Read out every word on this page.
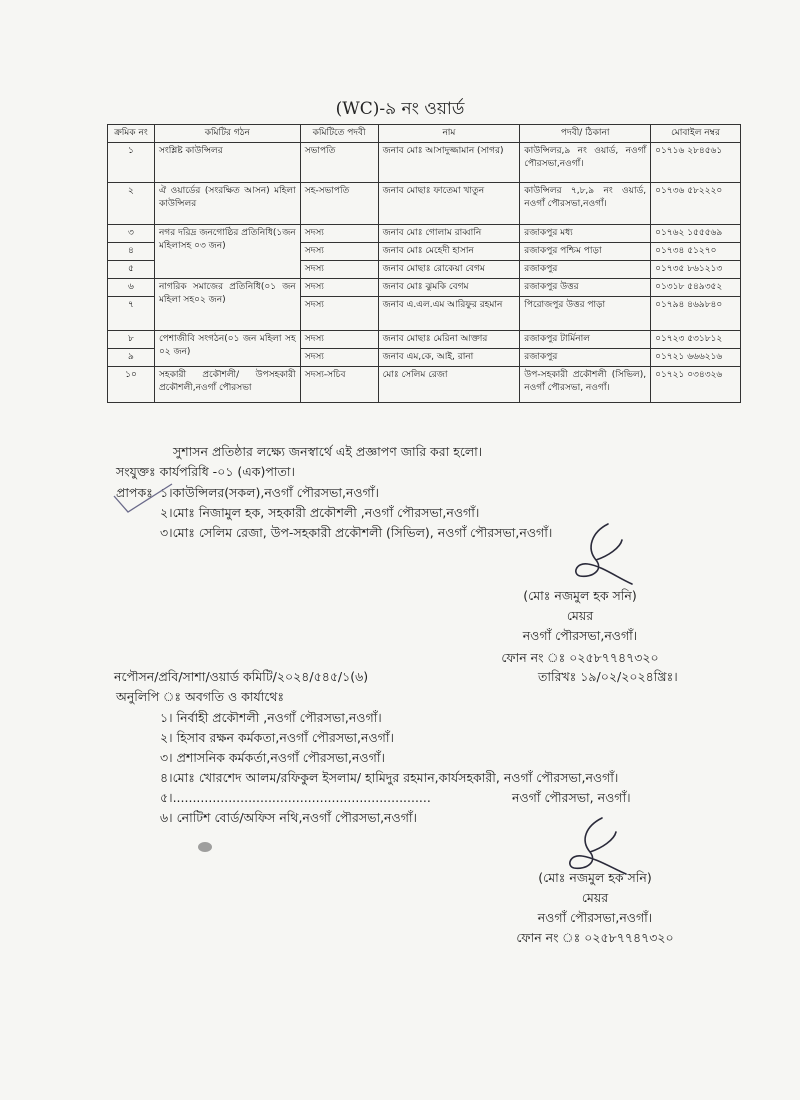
(WC)-৯ নং ওয়ার্ড
ক্রমিক নং	কমিটির গঠন	কমিটিতে পদবী	নাম	পদবী/ ঠিকানা	মোবাইল নম্বর
১	সংশ্লিষ্ট কাউন্সিলর	সভাপতি	জনাব মোঃ আসাদুজ্জামান (সাগর)	কাউন্সিলর,৯ নং ওয়ার্ড, নওগাঁ পৌরসভা,নওগাঁ।	০১৭১৬ ২৮৪৫৬১
২	ঐ ওয়ার্ডের (সংরক্ষিত আসন) মহিলা কাউন্সিলর	সহ-সভাপতি	জনাব মোছাঃ ফাতেমা খাতুন	কাউন্সিলর ৭,৮,৯ নং ওয়ার্ড, নওগাঁ পৌরসভা,নওগাঁ।	০১৭৩৬ ৫৮২২২০
৩	নগর দরিদ্র জনগোষ্ঠির প্রতিনিধি(১জন মহিলাসহ ০৩ জন)	সদস্য	জনাব মোঃ গোলাম রাব্বানি	রজাকপুর মধ্য	০১৭৬২ ১৫৫৫৬৯
৪		সদস্য	জনাব মোঃ মেহেদী হাসান	রজাকপুর পশ্চিম পাড়া	০১৭৩৪ ৫১২৭০
৫		সদস্য	জনাব মোছাঃ রোকেয়া বেগম	রজাকপুর	০১৭৩৫ ৮৬১২১৩
৬	নাগরিক সমাজের প্রতিনিধি(০১ জন মহিলা সহ০২ জন)	সদস্য	জনাব মোঃ ঝুমকি বেগম	রজাকপুর উত্তর	০১৩১৮ ৫৪৯৩৫২
৭		সদস্য	জনাব এ.এল.এম আরিফুর রহমান	পিরোজপুর উত্তর পাড়া	০১৭৯৪ ৪৬৯৮৪০
৮	পেশাজীবি সংগঠন(০১ জন মহিলা সহ ০২ জন)	সদস্য	জনাব মোছাঃ মেরিনা আক্তার	রজাকপুর টার্মিনাল	০১৭২৩ ৫৩১৮১২
৯		সদস্য	জনাব এম,কে, আই, রানা	রজাকপুর	০১৭২১ ৬৬৬২১৬
১০	সহকারী প্রকৌশলী/ উপসহকারী প্রকৌশলী,নওগাঁ পৌরসভা	সদস্য-সচিব	মোঃ সেলিম রেজা	উপ-সহকারী প্রকৌশলী (সিভিল), নওগাঁ পৌরসভা, নওগাঁ।	০১৭২১ ০৩৪৩২৬
সুশাসন প্রতিষ্ঠার লক্ষ্যে জনস্বার্থে এই প্রজ্ঞাপণ জারি করা হলো।
সংযুক্তঃ কার্যপরিধি -০১ (এক)পাতা।
প্রাপকঃ ১।কাউন্সিলর(সকল),নওগাঁ পৌরসভা,নওগাঁ।
২।মোঃ নিজামুল হক, সহকারী প্রকৌশলী ,নওগাঁ পৌরসভা,নওগাঁ।
৩।মোঃ সেলিম রেজা, উপ-সহকারী প্রকৌশলী (সিভিল), নওগাঁ পৌরসভা,নওগাঁ।
(মোঃ নজমুল হক সনি)
মেয়র
নওগাঁ পৌরসভা,নওগাঁ।
ফোন নং ঃ ০২৫৮৭৭৪৭৩২০
নপৌসন/প্রবি/সাশা/ওয়ার্ড কমিটি/২০২৪/৫৪৫/১(৬)	তারিখঃ ১৯/০২/২০২৪খ্রিঃ।
অনুলিপি ঃ অবগতি ও কার্যাথেঃ
১। নির্বাহী প্রকৌশলী ,নওগাঁ পৌরসভা,নওগাঁ।
২। হিসাব রক্ষন কর্মকতা,নওগাঁ পৌরসভা,নওগাঁ।
৩। প্রশাসনিক কর্মকর্তা,নওগাঁ পৌরসভা,নওগাঁ।
৪।মোঃ খোরশেদ আলম/রফিকুল ইসলাম/ হামিদুর রহমান,কার্যসহকারী, নওগাঁ পৌরসভা,নওগাঁ।
৫।.................................................................	নওগাঁ পৌরসভা, নওগাঁ।
৬। নোটিশ বোর্ড/অফিস নথি,নওগাঁ পৌরসভা,নওগাঁ।
(মোঃ নজমুল হক সনি)
মেয়র
নওগাঁ পৌরসভা,নওগাঁ।
ফোন নং ঃ ০২৫৮৭৭৪৭৩২০
